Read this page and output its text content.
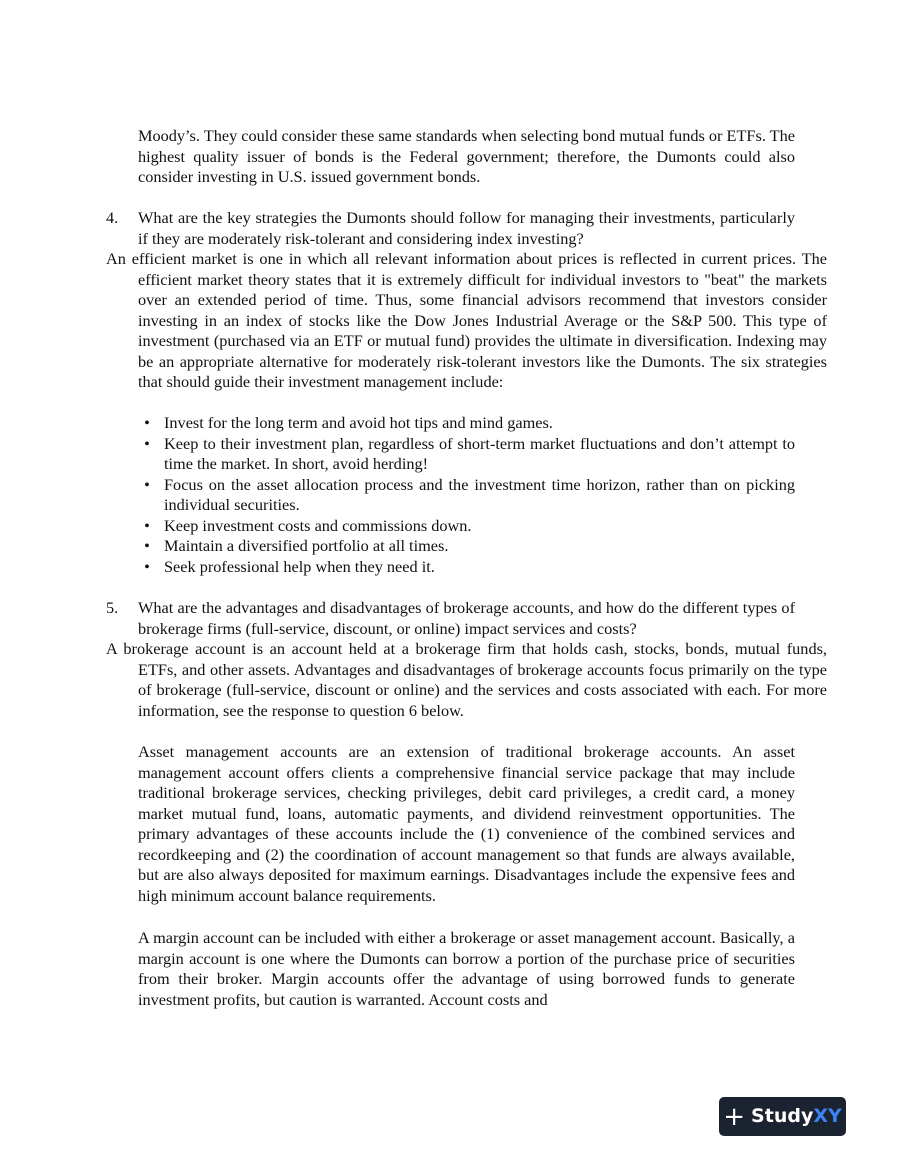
Moody’s. They could consider these same standards when selecting bond mutual funds or ETFs. The highest quality issuer of bonds is the Federal government; therefore, the Dumonts could also consider investing in U.S. issued government bonds.

4. What are the key strategies the Dumonts should follow for managing their investments, particularly if they are moderately risk-tolerant and considering index investing?

An efficient market is one in which all relevant information about prices is reflected in current prices. The efficient market theory states that it is extremely difficult for individual investors to "beat" the markets over an extended period of time. Thus, some financial advisors recommend that investors consider investing in an index of stocks like the Dow Jones Industrial Average or the S&P 500. This type of investment (purchased via an ETF or mutual fund) provides the ultimate in diversification. Indexing may be an appropriate alternative for moderately risk-tolerant investors like the Dumonts. The six strategies that should guide their investment management include:

• Invest for the long term and avoid hot tips and mind games.
• Keep to their investment plan, regardless of short-term market fluctuations and don’t attempt to time the market. In short, avoid herding!
• Focus on the asset allocation process and the investment time horizon, rather than on picking individual securities.
• Keep investment costs and commissions down.
• Maintain a diversified portfolio at all times.
• Seek professional help when they need it.
5. What are the advantages and disadvantages of brokerage accounts, and how do the different types of brokerage firms (full-service, discount, or online) impact services and costs?

A brokerage account is an account held at a brokerage firm that holds cash, stocks, bonds, mutual funds, ETFs, and other assets. Advantages and disadvantages of brokerage accounts focus primarily on the type of brokerage (full-service, discount or online) and the services and costs associated with each. For more information, see the response to question 6 below.

Asset management accounts are an extension of traditional brokerage accounts. An asset management account offers clients a comprehensive financial service package that may include traditional brokerage services, checking privileges, debit card privileges, a credit card, a money market mutual fund, loans, automatic payments, and dividend reinvestment opportunities. The primary advantages of these accounts include the (1) convenience of the combined services and recordkeeping and (2) the coordination of account management so that funds are always available, but are also always deposited for maximum earnings. Disadvantages include the expensive fees and high minimum account balance requirements.

A margin account can be included with either a brokerage or asset management account. Basically, a margin account is one where the Dumonts can borrow a portion of the purchase price of securities from their broker. Margin accounts offer the advantage of using borrowed funds to generate investment profits, but caution is warranted. Account costs and

+ Study XY
